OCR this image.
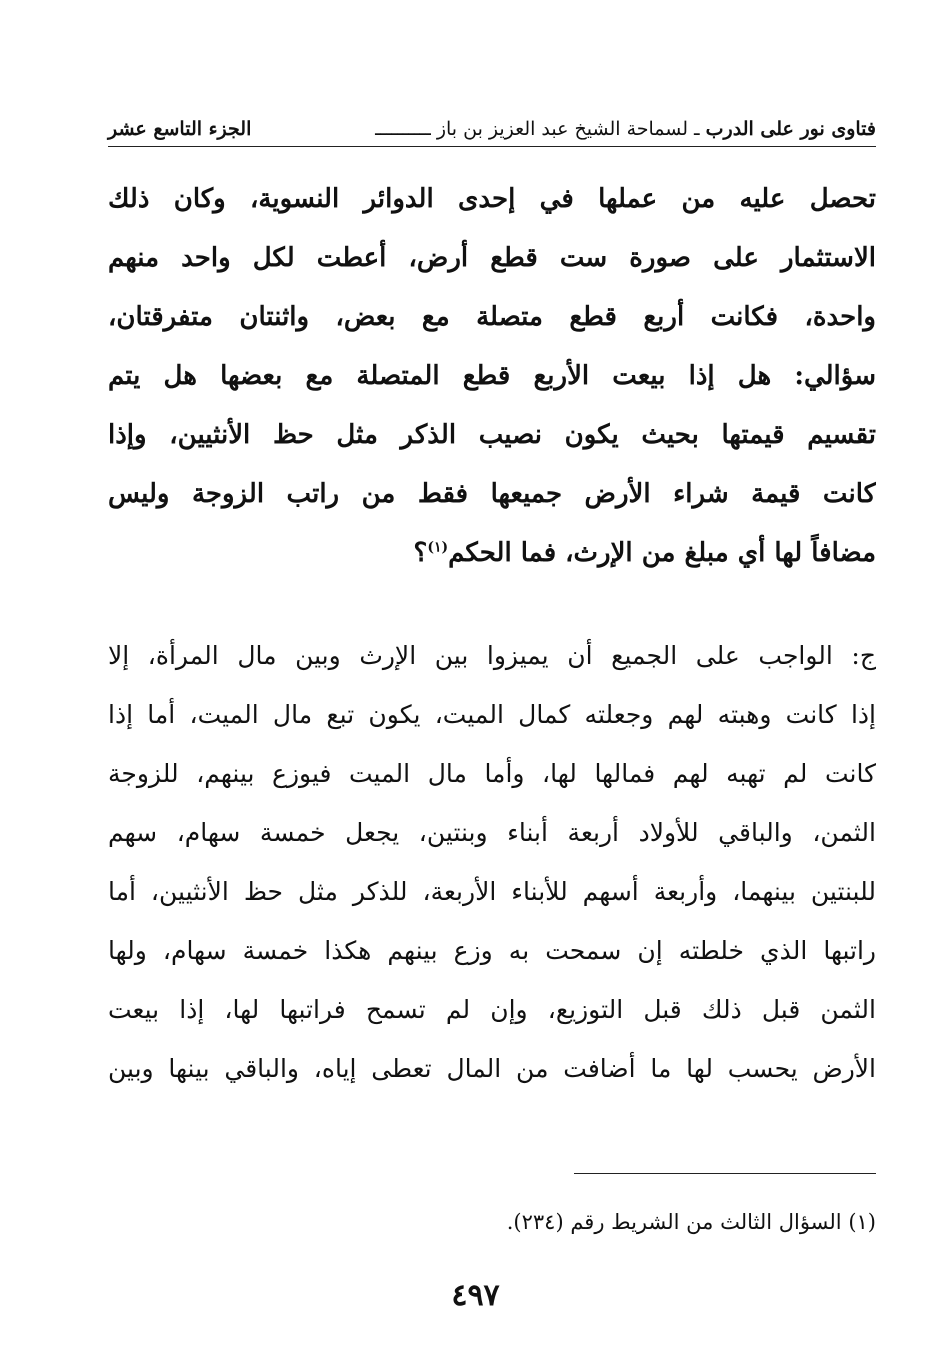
فتاوى نور على الدرب ـ لسماحة الشيخ عبد العزيز بن باز ــــــــــ
الجزء التاسع عشر
تحصل عليه من عملها في إحدى الدوائر النسوية، وكان ذلك
الاستثمار على صورة ست قطع أرض، أعطت لكل واحد منهم
واحدة، فكانت أربع قطع متصلة مع بعض، واثنتان متفرقتان،
سؤالي: هل إذا بيعت الأربع قطع المتصلة مع بعضها هل يتم
تقسيم قيمتها بحيث يكون نصيب الذكر مثل حظ الأنثيين، وإذا
كانت قيمة شراء الأرض جميعها فقط من راتب الزوجة وليس
مضافاً لها أي مبلغ من الإرث، فما الحكم$^{(١)}$؟
ج: الواجب على الجميع أن يميزوا بين الإرث وبين مال المرأة، إلا
إذا كانت وهبته لهم وجعلته كمال الميت، يكون تبع مال الميت، أما إذا
كانت لم تهبه لهم فمالها لها، وأما مال الميت فيوزع بينهم، للزوجة
الثمن، والباقي للأولاد أربعة أبناء وبنتين، يجعل خمسة سهام، سهم
للبنتين بينهما، وأربعة أسهم للأبناء الأربعة، للذكر مثل حظ الأنثيين، أما
راتبها الذي خلطته إن سمحت به وزع بينهم هكذا خمسة سهام، ولها
الثمن قبل ذلك قبل التوزيع، وإن لم تسمح فراتبها لها، إذا بيعت
الأرض يحسب لها ما أضافت من المال تعطى إياه، والباقي بينها وبين
(١) السؤال الثالث من الشريط رقم (٢٣٤).
٤٩٧
